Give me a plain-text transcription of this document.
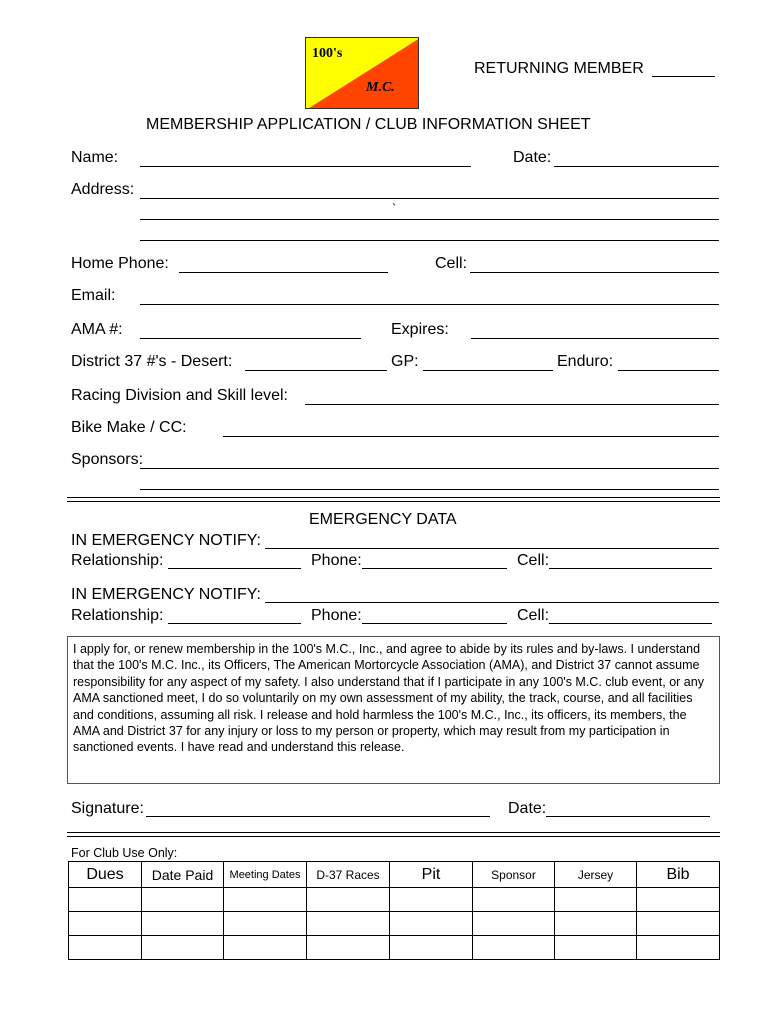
100's
M.C.
RETURNING MEMBER
MEMBERSHIP APPLICATION / CLUB INFORMATION SHEET
Name:	Date:
Address:
`
Home Phone:	Cell:
Email:
AMA #:	Expires:
District 37 #'s - Desert:	GP:	Enduro:
Racing Division and Skill level:
Bike Make / CC:
Sponsors:
EMERGENCY DATA
IN EMERGENCY NOTIFY:
Relationship:	Phone:	Cell:
IN EMERGENCY NOTIFY:
Relationship:	Phone:	Cell:
I apply for, or renew membership in the 100's M.C., Inc., and agree to abide by its rules and by-laws. I understand that the 100's M.C. Inc., its Officers, The American Mortorcycle Association (AMA), and District 37 cannot assume responsibility for any aspect of my safety. I also understand that if I participate in any 100's M.C. club event, or any AMA sanctioned meet, I do so voluntarily on my own assessment of my ability, the track, course, and all facilities and conditions, assuming all risk. I release and hold harmless the 100's M.C., Inc., its officers, its members, the AMA and District 37 for any injury or loss to my person or property, which may result from my participation in sanctioned events. I have read and understand this release.
Signature:	Date:
For Club Use Only:
Dues	Date Paid	Meeting Dates	D-37 Races	Pit	Sponsor	Jersey	Bib
